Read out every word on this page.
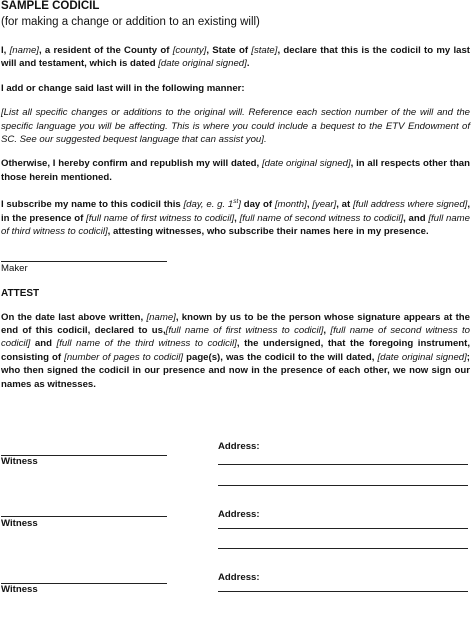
SAMPLE CODICIL
(for making a change or addition to an existing will)

I, [name], a resident of the County of [county], State of [state], declare that this is the codicil to my last will and testament, which is dated [date original signed].

I add or change said last will in the following manner:

[List all specific changes or additions to the original will. Reference each section number of the will and the specific language you will be affecting. This is where you could include a bequest to the ETV Endowment of SC. See our suggested bequest language that can assist you].

Otherwise, I hereby confirm and republish my will dated, [date original signed], in all respects other than those herein mentioned.

I subscribe my name to this codicil this [day, e. g. 1st] day of [month], [year], at [full address where signed], in the presence of [full name of first witness to codicil], [full name of second witness to codicil], and [full name of third witness to codicil], attesting witnesses, who subscribe their names here in my presence.

Maker
ATTEST

On the date last above written, [name], known by us to be the person whose signature appears at the end of this codicil, declared to us,[full name of first witness to codicil], [full name of second witness to codicil] and [full name of the third witness to codicil], the undersigned, that the foregoing instrument, consisting of [number of pages to codicil] page(s), was the codicil to the will dated, [date original signed]; who then signed the codicil in our presence and now in the presence of each other, we now sign our names as witnesses.

Address:
Witness
Address:
Witness
Address:
Witness
